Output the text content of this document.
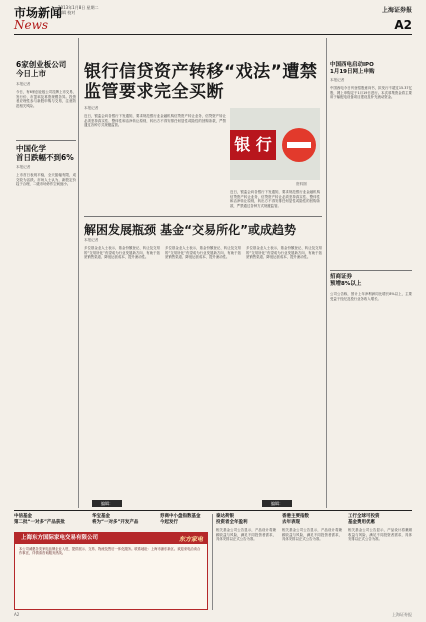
市场新闻
2013年1月8日 星期二
编辑 校对
News
上海证券报
A2
6家创业板公司
今日上市
本报记者
今日，有6家创业板公司挂牌上市交易，发行价、市盈率及募资规模各异。投资者应理性参与新股申购与交易，注意防范相关风险。
中国化学
首日跌幅不到6%
本报记者
上市首日表现平稳，全天振幅有限，成交较为活跃。市场人士认为，新股定价趋于合理，二级市场炒作空间缩小。
银行信贷资产转移“戏法”遭禁
监管要求完全买断
本报记者
近日，银监会向各银行下发通知，要求规范银行业金融机构信贷资产转让业务，信贷资产转让必须坚持真实性、整体性和洁净转让原则，转出方不得安排任何显性或隐性的回购条款，严禁通过各种方式规避监管。
银 行
资料图
近日，银监会向各银行下发通知，要求规范银行业金融机构信贷资产转让业务，信贷资产转让必须坚持真实性、整体性和洁净转让原则，转出方不得安排任何显性或隐性的回购条款，严禁通过各种方式规避监管。
中国西电启动IPO
1月19日网上申购
本报记者
中国西电今日刊登招股意向书，拟发行不超过15.37亿股，网上申购定于1月19日进行。本次募集资金将主要用于输配电设备项目建设及补充流动资金。
招商证券
预增8%以上
公司公告称，预计上年净利润同比增长8%以上，主要受益于经纪及投行业务收入增长。
解困发展瓶颈 基金“交易所化”或成趋势
本报记者
多位基金业人士表示，基金份额登记、转让及交易的“交易所化”有望成为行业发展新方向，有助于拓宽销售渠道、降低运营成本、提升流动性。
多位基金业人士表示，基金份额登记、转让及交易的“交易所化”有望成为行业发展新方向，有助于拓宽销售渠道、降低运营成本、提升流动性。
多位基金业人士表示，基金份额登记、转让及交易的“交易所化”有望成为行业发展新方向，有助于拓宽销售渠道、降低运营成本、提升流动性。
编辑：	编辑：
中信基金
第二批“一对多”产品获批
华宝基金
将为“一对多”开发产品
券商中小盘指数基金
今起发行
上海东方国际家电交易有限公司	东方家电
本公司诚邀各类家电品牌企业入驻，提供展示、交易、物流及售后一体化服务。联系地址：上海市浦东新区。欢迎来电洽谈合作事宜，详情请咨询服务热线。
泰达荷银
投资者全年盈利
相关基金公司公告显示，产品设计将兼顾收益与风险，满足不同投资者需求，具体安排以正式公告为准。
香港主要指数
去年表现
相关基金公司公告显示，产品设计将兼顾收益与风险，满足不同投资者需求，具体安排以正式公告为准。
工行全球可投资
基金费用优惠
相关基金公司公告显示，产品设计将兼顾收益与风险，满足不同投资者需求，具体安排以正式公告为准。
A2	上海证券报
